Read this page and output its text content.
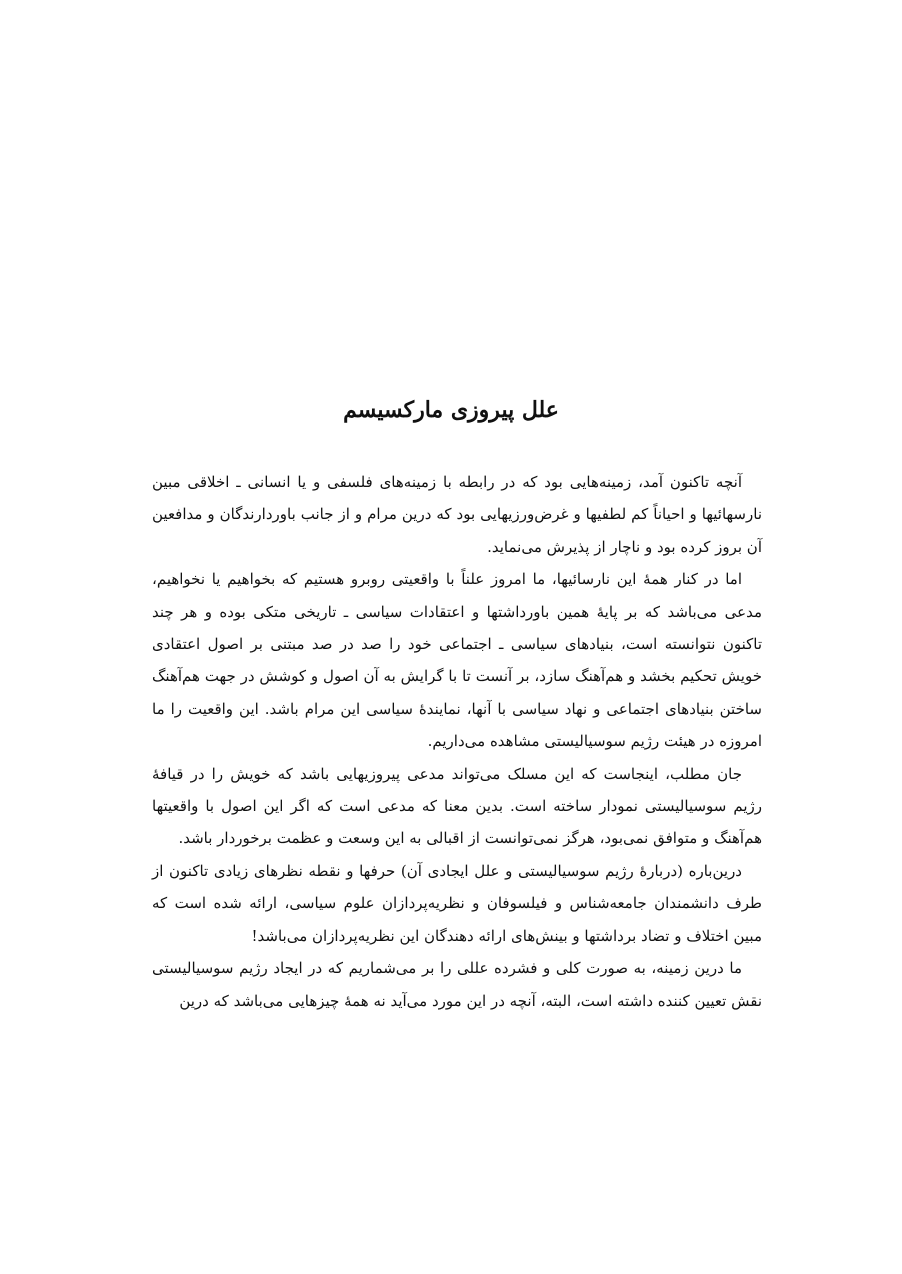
علل پیروزی مارکسیسم

آنچه تاکنون آمد، زمینه‌هایی بود که در رابطه با زمینه‌های فلسفی و یا انسانی ـ اخلاقی مبین نارسهائیها و احیاناً کم لطفیها و غرض‌ورزیهایی بود که درین مرام و از جانب باوردارندگان و مدافعین آن بروز کرده بود و ناچار از پذیرش می‌نماید.

اما در کنار همهٔ این نارسائیها، ما امروز علناً با واقعیتی روبرو هستیم که بخواهیم یا نخواهیم، مدعی می‌باشد که بر پایهٔ همین باورداشتها و اعتقادات سیاسی ـ تاریخی متکی بوده و هر چند تاکنون نتوانسته است، بنیادهای سیاسی ـ اجتماعی خود را صد در صد مبتنی بر اصول اعتقادی خویش تحکیم بخشد و هم‌آهنگ سازد، بر آنست تا با گرایش به آن اصول و کوشش در جهت هم‌آهنگ ساختن بنیادهای اجتماعی و نهاد سیاسی با آنها، نمایندهٔ سیاسی این مرام باشد. این واقعیت را ما امروزه در هیئت رژیم سوسیالیستی مشاهده می‌داریم.

جان مطلب، اینجاست که این مسلک می‌تواند مدعی پیروزیهایی باشد که خویش را در قیافهٔ رژیم سوسیالیستی نمودار ساخته است. بدین معنا که مدعی است که اگر این اصول با واقعیتها هم‌آهنگ و متوافق نمی‌بود، هرگز نمی‌توانست از اقبالی به این وسعت و عظمت برخوردار باشد.

درین‌باره (دربارهٔ رژیم سوسیالیستی و علل ایجادی آن) حرفها و نقطه نظرهای زیادی تاکنون از طرف دانشمندان جامعه‌شناس و فیلسوفان و نظریه‌پردازان علوم سیاسی، ارائه شده است که مبین اختلاف و تضاد برداشتها و بینش‌های ارائه دهندگان این نظریه‌پردازان می‌باشد!

ما درین زمینه، به صورت کلی و فشرده عللی را بر می‌شماریم که در ایجاد رژیم سوسیالیستی نقش تعیین کننده داشته است، البته، آنچه در این مورد می‌آید نه همهٔ چیزهایی می‌باشد که درین
